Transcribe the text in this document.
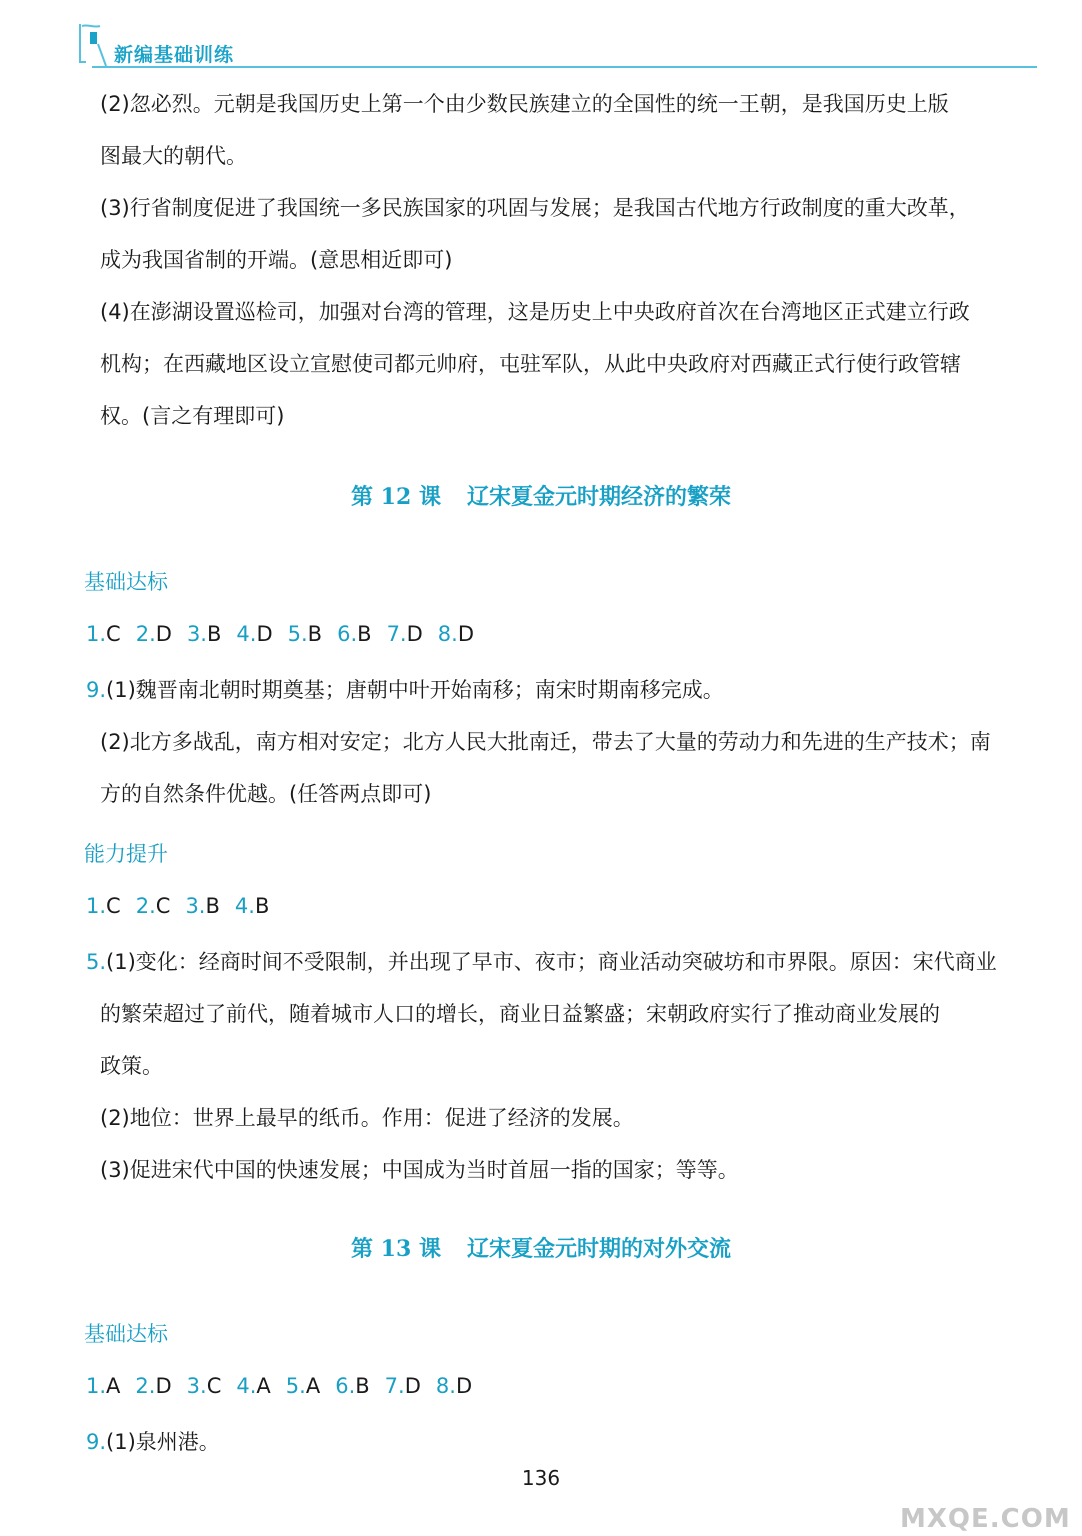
新编基础训练
(2)忽必烈。元朝是我国历史上第一个由少数民族建立的全国性的统一王朝，是我国历史上版
图最大的朝代。
(3)行省制度促进了我国统一多民族国家的巩固与发展；是我国古代地方行政制度的重大改革，
成为我国省制的开端。(意思相近即可)
(4)在澎湖设置巡检司，加强对台湾的管理，这是历史上中央政府首次在台湾地区正式建立行政
机构；在西藏地区设立宣慰使司都元帅府，屯驻军队，从此中央政府对西藏正式行使行政管辖
权。(言之有理即可)
第 12 课 辽宋夏金元时期经济的繁荣
基础达标
1.C 2.D 3.B 4.D 5.B 6.B 7.D 8.D
9.(1)魏晋南北朝时期奠基；唐朝中叶开始南移；南宋时期南移完成。
(2)北方多战乱，南方相对安定；北方人民大批南迁，带去了大量的劳动力和先进的生产技术；南
方的自然条件优越。(任答两点即可)
能力提升
1.C 2.C 3.B 4.B
5.(1)变化：经商时间不受限制，并出现了早市、夜市；商业活动突破坊和市界限。原因：宋代商业
的繁荣超过了前代，随着城市人口的增长，商业日益繁盛；宋朝政府实行了推动商业发展的
政策。
(2)地位：世界上最早的纸币。作用：促进了经济的发展。
(3)促进宋代中国的快速发展；中国成为当时首屈一指的国家；等等。
第 13 课 辽宋夏金元时期的对外交流
基础达标
1.A 2.D 3.C 4.A 5.A 6.B 7.D 8.D
9.(1)泉州港。
136
MXQE.COM
